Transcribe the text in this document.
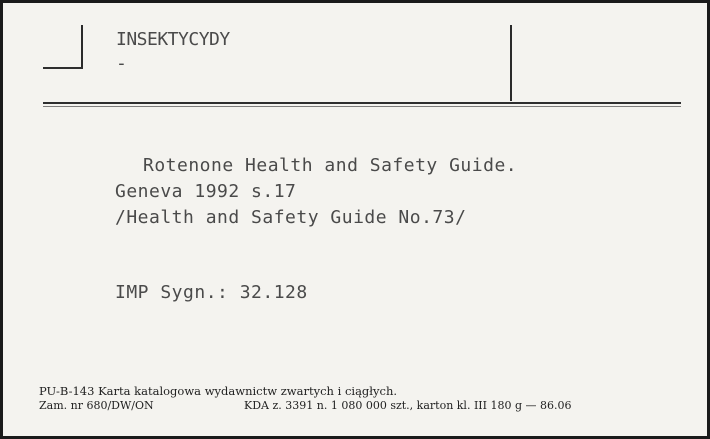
INSEKTYCYDY
-
Rotenone Health and Safety Guide.
Geneva 1992 s.17
/Health and Safety Guide No.73/
IMP Sygn.: 32.128
PU-B-143 Karta katalogowa wydawnictw zwartych i ciągłych.
Zam. nr 680/DW/ON	KDA z. 3391 n. 1 080 000 szt., karton kl. III 180 g — 86.06
